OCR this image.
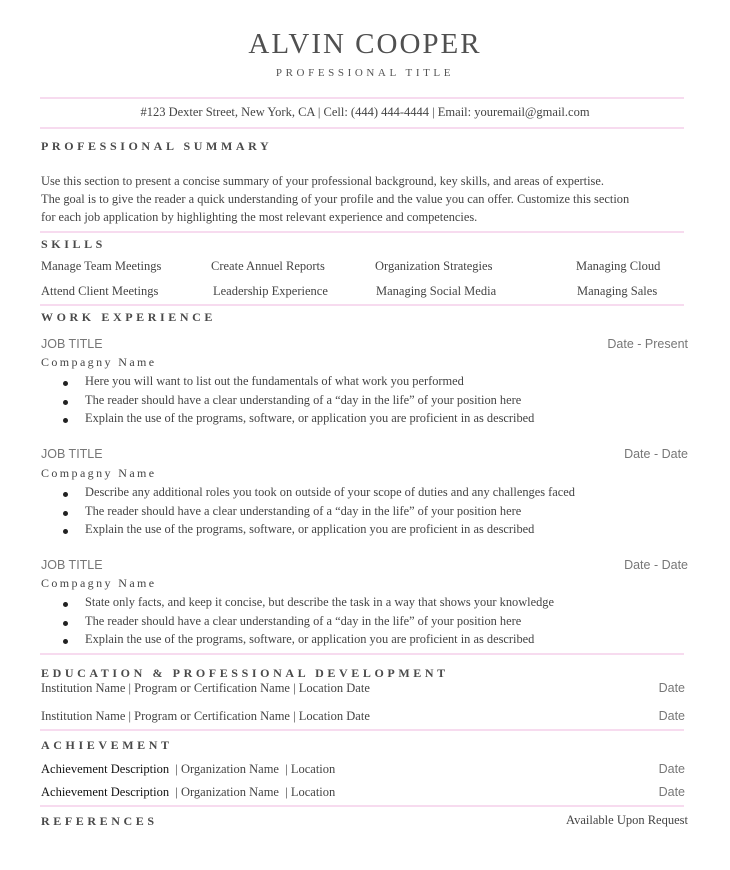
ALVIN COOPER
PROFESSIONAL TITLE
#123 Dexter Street, New York, CA | Cell: (444) 444-4444 | Email: youremail@gmail.com
PROFESSIONAL SUMMARY
Use this section to present a concise summary of your professional background, key skills, and areas of expertise.
The goal is to give the reader a quick understanding of your profile and the value you can offer. Customize this section
for each job application by highlighting the most relevant experience and competencies.
SKILLS
Manage Team Meetings	Create Annuel Reports	Organization Strategies	Managing Cloud
Attend Client Meetings	Leadership Experience	Managing Social Media	Managing Sales
WORK EXPERIENCE
JOB TITLE	Date - Present
Compagny Name
Here you will want to list out the fundamentals of what work you performed
The reader should have a clear understanding of a “day in the life” of your position here
Explain the use of the programs, software, or application you are proficient in as described
JOB TITLE	Date - Date
Compagny Name
Describe any additional roles you took on outside of your scope of duties and any challenges faced
The reader should have a clear understanding of a “day in the life” of your position here
Explain the use of the programs, software, or application you are proficient in as described
JOB TITLE	Date - Date
Compagny Name
State only facts, and keep it concise, but describe the task in a way that shows your knowledge
The reader should have a clear understanding of a “day in the life” of your position here
Explain the use of the programs, software, or application you are proficient in as described
EDUCATION & PROFESSIONAL DEVELOPMENT
Institution Name | Program or Certification Name | Location Date	Date
Institution Name | Program or Certification Name | Location Date	Date
ACHIEVEMENT
Achievement Description  | Organization Name  | Location	Date
Achievement Description  | Organization Name  | Location	Date
REFERENCES	Available Upon Request
